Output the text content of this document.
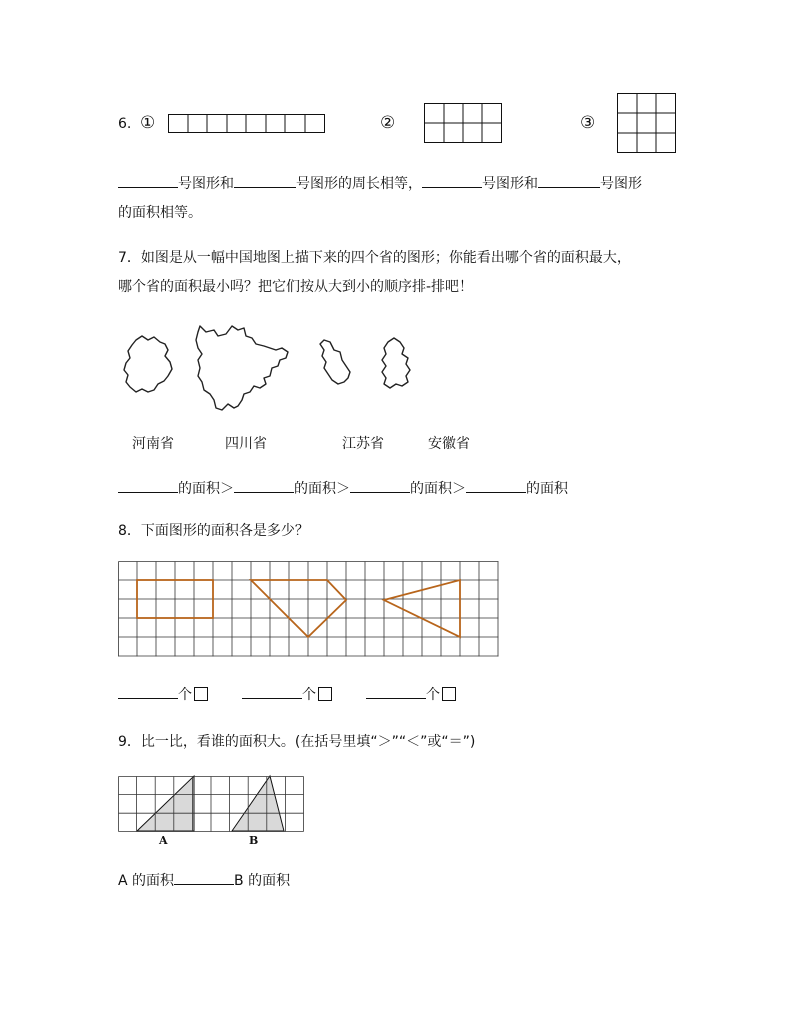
6. ①	②	③
号图形和	号图形的周长相等，	号图形和	号图形
的面积相等。
7．如图是从一幅中国地图上描下来的四个省的图形；你能看出哪个省的面积最大，
哪个省的面积最小吗？把它们按从大到小的顺序排-排吧！
河南省	四川省	江苏省	安徽省
的面积＞	的面积＞	的面积＞	的面积
8．下面图形的面积各是多少？
个	个	个
9．比一比，看谁的面积大。(在括号里填“＞”“＜”或“＝”)
A	B
A 的面积	B 的面积
